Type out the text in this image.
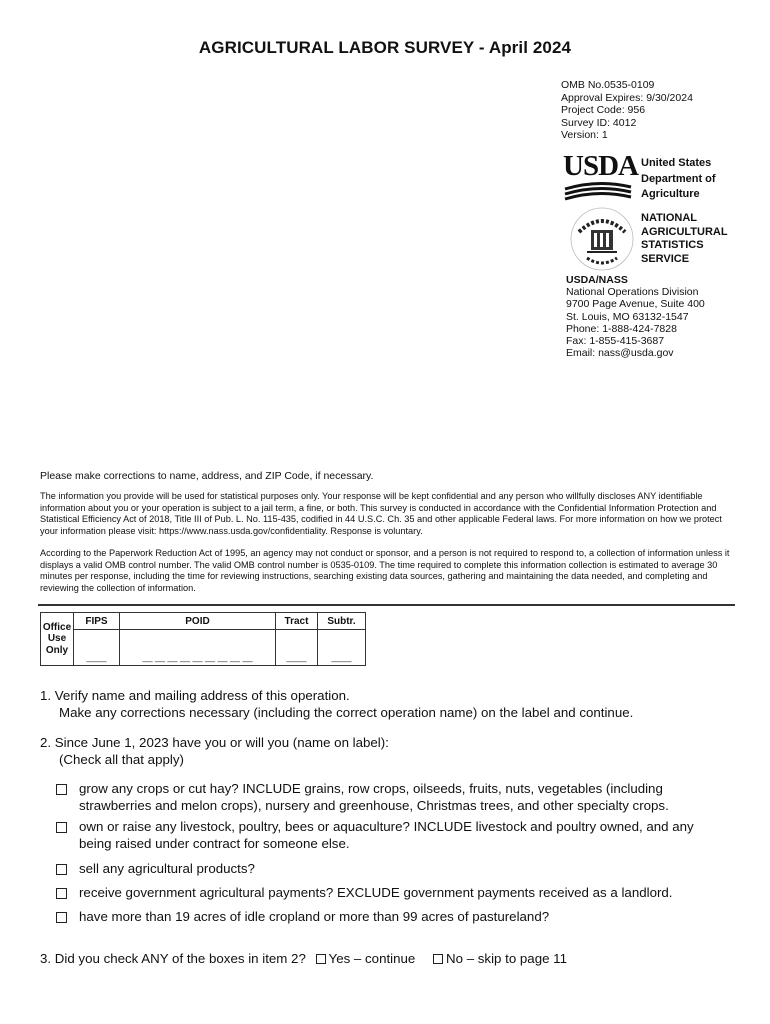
AGRICULTURAL LABOR SURVEY - April 2024
OMB No.0535-0109
Approval Expires: 9/30/2024
Project Code: 956
Survey ID: 4012
Version: 1
USDA United States
Department of
Agriculture
NATIONAL
AGRICULTURAL
STATISTICS
SERVICE
USDA/NASS
National Operations Division
9700 Page Avenue, Suite 400
St. Louis, MO 63132-1547
Phone: 1-888-424-7828
Fax: 1-855-415-3687
Email: nass@usda.gov
Please make corrections to name, address, and ZIP Code, if necessary.
The information you provide will be used for statistical purposes only. Your response will be kept confidential and any person who willfully discloses ANY identifiable information about you or your operation is subject to a jail term, a fine, or both. This survey is conducted in accordance with the Confidential Information Protection and Statistical Efficiency Act of 2018, Title III of Pub. L. No. 115-435, codified in 44 U.S.C. Ch. 35 and other applicable Federal laws. For more information on how we protect your information please visit: https://www.nass.usda.gov/confidentiality. Response is voluntary.
According to the Paperwork Reduction Act of 1995, an agency may not conduct or sponsor, and a person is not required to respond to, a collection of information unless it displays a valid OMB control number. The valid OMB control number is 0535-0109. The time required to complete this information collection is estimated to average 30 minutes per response, including the time for reviewing instructions, searching existing data sources, gathering and maintaining the data needed, and completing and reviewing the collection of information.
Office
Use
Only	FIPS	POID	Tract	Subtr.
	____	__ __ __ __ __ __ __ __ __	____	____
1. Verify name and mailing address of this operation.
Make any corrections necessary (including the correct operation name) on the label and continue.
2. Since June 1, 2023 have you or will you (name on label):
(Check all that apply)
grow any crops or cut hay? INCLUDE grains, row crops, oilseeds, fruits, nuts, vegetables (including strawberries and melon crops), nursery and greenhouse, Christmas trees, and other specialty crops.
own or raise any livestock, poultry, bees or aquaculture? INCLUDE livestock and poultry owned, and any being raised under contract for someone else.
sell any agricultural products?
receive government agricultural payments? EXCLUDE government payments received as a landlord.
have more than 19 acres of idle cropland or more than 99 acres of pastureland?
3. Did you check ANY of the boxes in item 2? Yes – continue No – skip to page 11
